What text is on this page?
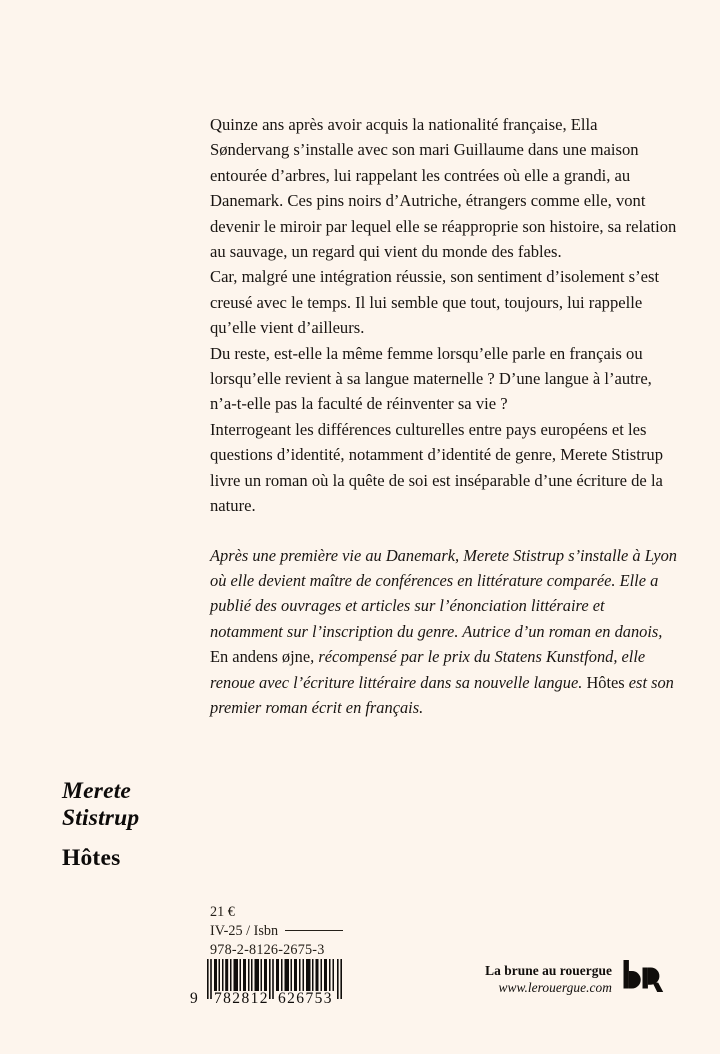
Quinze ans après avoir acquis la nationalité française, Ella Søndervang s’installe avec son mari Guillaume dans une maison entourée d’arbres, lui rappelant les contrées où elle a grandi, au Danemark. Ces pins noirs d’Autriche, étrangers comme elle, vont devenir le miroir par lequel elle se réapproprie son histoire, sa relation au sauvage, un regard qui vient du monde des fables.

Car, malgré une intégration réussie, son sentiment d’isolement s’est creusé avec le temps. Il lui semble que tout, toujours, lui rappelle qu’elle vient d’ailleurs.

Du reste, est-elle la même femme lorsqu’elle parle en français ou lorsqu’elle revient à sa langue maternelle ? D’une langue à l’autre, n’a-t-elle pas la faculté de réinventer sa vie ?

Interrogeant les différences culturelles entre pays européens et les questions d’identité, notamment d’identité de genre, Merete Stistrup livre un roman où la quête de soi est inséparable d’une écriture de la nature.

Après une première vie au Danemark, Merete Stistrup s’installe à Lyon où elle devient maître de conférences en littérature comparée. Elle a publié des ouvrages et articles sur l’énonciation littéraire et notamment sur l’inscription du genre. Autrice d’un roman en danois, En andens øjne, récompensé par le prix du Statens Kunstfond, elle renoue avec l’écriture littéraire dans sa nouvelle langue. Hôtes est son premier roman écrit en français.

Merete
Stistrup
Hôtes
21 €
IV-25 / Isbn
978-2-8126-2675-3
9 782812 626753
La brune au rouergue
www.lerouergue.com
